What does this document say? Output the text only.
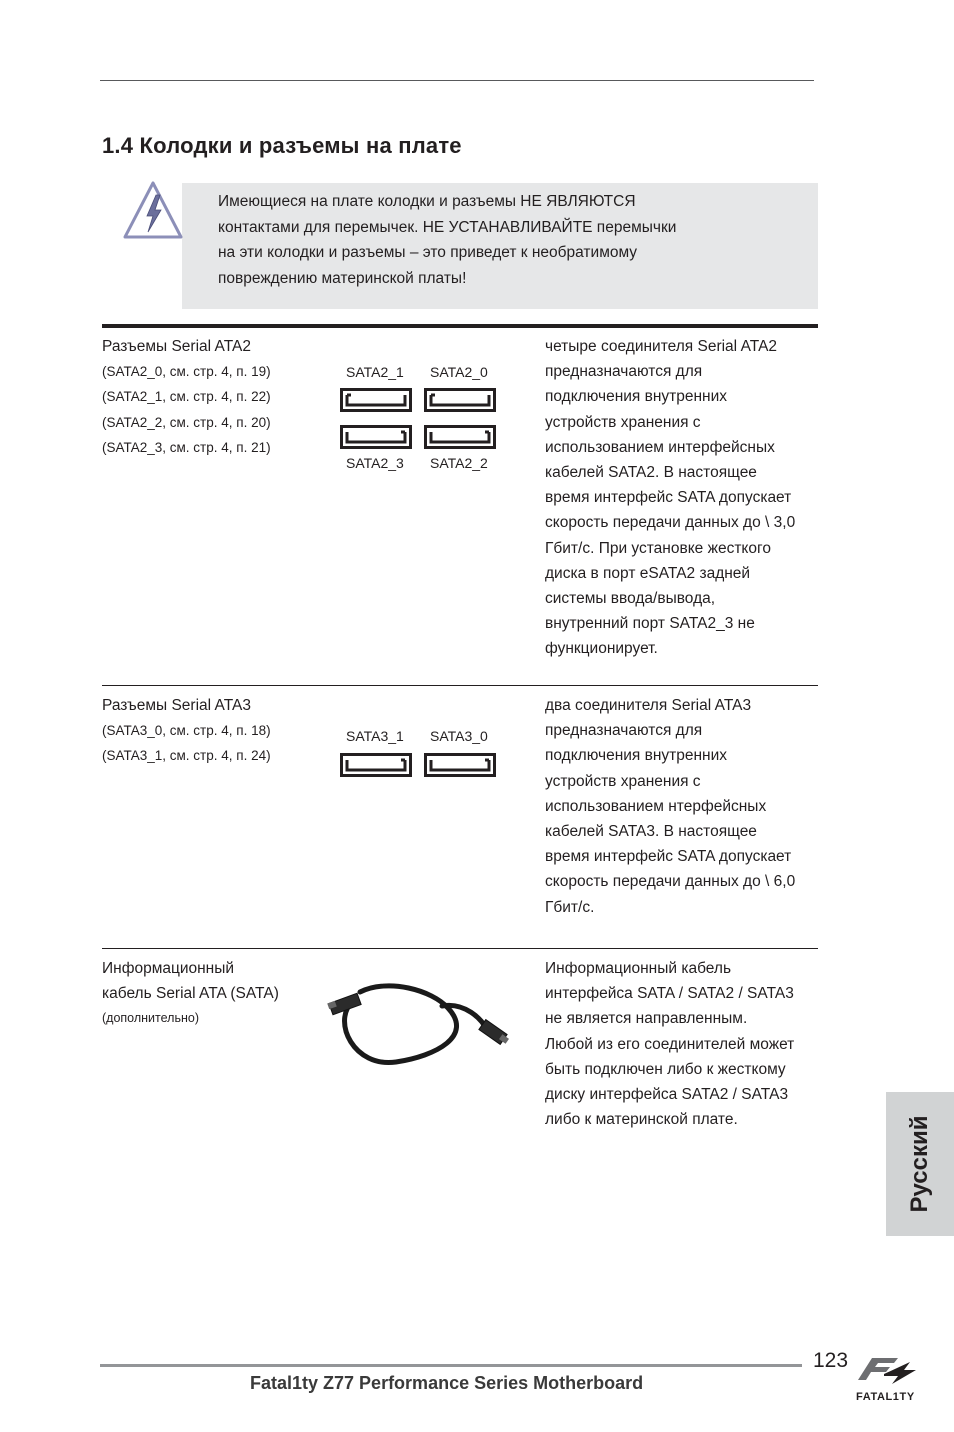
1.4 Колодки и разъемы на плате
Имеющиеся на плате колодки и разъемы НЕ ЯВЛЯЮТСЯ
контактами для перемычек. НЕ УСТАНАВЛИВАЙТЕ перемычки
на эти колодки и разъемы – это приведет к необратимому
повреждению материнской платы!
Разъемы Serial ATA2
(SATA2_0, см. стр. 4, п. 19)
(SATA2_1, см. стр. 4, п. 22)
(SATA2_2, см. стр. 4, п. 20)
(SATA2_3, см. стр. 4, п. 21)
SATA2_1 SATA2_0
SATA2_3 SATA2_2
четыре соединителя Serial ATA2
предназначаются для
подключения внутренних
устройств хранения с
использованием интерфейсных
кабелей SATA2. В настоящее
время интерфейс SATA допускает
скорость передачи данных до \ 3,0
Гбит/с. При установке жесткого
диска в порт eSATA2 задней
системы ввода/вывода,
внутренний порт SATA2_3 не
функционирует.
Разъемы Serial ATA3
(SATA3_0, см. стр. 4, п. 18)
(SATA3_1, см. стр. 4, п. 24)
SATA3_1 SATA3_0
два соединителя Serial ATA3
предназначаются для
подключения внутренних
устройств хранения с
использованием нтерфейсных
кабелей SATA3. В настоящее
время интерфейс SATA допускает
скорость передачи данных до \ 6,0
Гбит/с.
Информационный
кабель Serial ATA (SATA)
(дополнительно)
Информационный кабель
интерфейса SATA / SATA2 / SATA3
не является направленным.
Любой из его соединителей может
быть подключен либо к жесткому
диску интерфейса SATA2 / SATA3
либо к материнской плате.	Русский
123
Fatal1ty Z77 Performance Series Motherboard
FATAL1TY
